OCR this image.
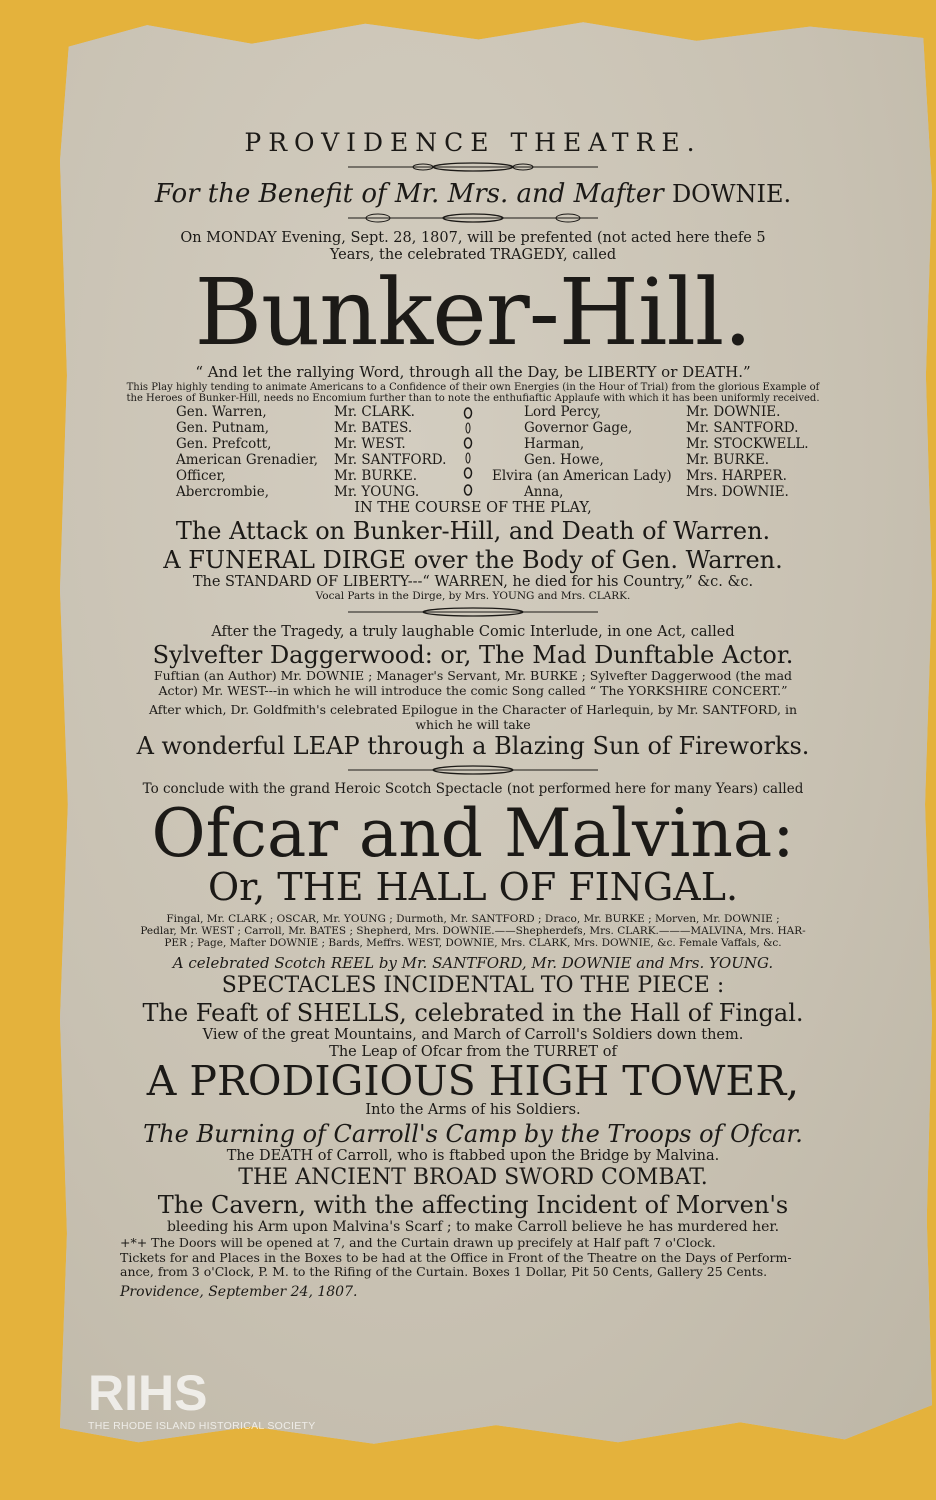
PROVIDENCE THEATRE.

For the Benefit of Mr. Mrs. and Mafter DOWNIE.

On MONDAY Evening, Sept. 28, 1807, will be prefented (not acted here thefe 5

Years, the celebrated TRAGEDY, called

Bunker-Hill.

“ And let the rallying Word, through all the Day, be LIBERTY or DEATH.”

This Play highly tending to animate Americans to a Confidence of their own Energies (in the Hour of Trial) from the glorious Example of

the Heroes of Bunker-Hill, needs no Encomium further than to note the enthufiaftic Applaufe with which it has been uniformly received.

Gen. Warren,
Gen. Putnam,
Gen. Prefcott,
American Grenadier,
Officer,
Abercrombie,
Mr. CLARK.
Mr. BATES.
Mr. WEST.
Mr. SANTFORD.
Mr. BURKE.
Mr. YOUNG.
Lord Percy,
Governor Gage,
Harman,
Gen. Howe,
Elvira (an American Lady)
Anna,
Mr. DOWNIE.
Mr. SANTFORD.
Mr. STOCKWELL.
Mr. BURKE.
Mrs. HARPER.
Mrs. DOWNIE.

IN THE COURSE OF THE PLAY,

The Attack on Bunker-Hill, and Death of Warren.

A FUNERAL DIRGE over the Body of Gen. Warren.

The STANDARD OF LIBERTY---“ WARREN, he died for his Country,” &c. &c.

Vocal Parts in the Dirge, by Mrs. YOUNG and Mrs. CLARK.

After the Tragedy, a truly laughable Comic Interlude, in one Act, called

Sylvefter Daggerwood: or, The Mad Dunftable Actor.

Fuftian (an Author) Mr. DOWNIE ; Manager's Servant, Mr. BURKE ; Sylvefter Daggerwood (the mad

Actor) Mr. WEST---in which he will introduce the comic Song called “ The YORKSHIRE CONCERT.”

After which, Dr. Goldfmith's celebrated Epilogue in the Character of Harlequin, by Mr. SANTFORD, in

which he will take

A wonderful LEAP through a Blazing Sun of Fireworks.

To conclude with the grand Heroic Scotch Spectacle (not performed here for many Years) called

Ofcar and Malvina:

Or, THE HALL OF FINGAL.

Fingal, Mr. CLARK ; OSCAR, Mr. YOUNG ; Durmoth, Mr. SANTFORD ; Draco, Mr. BURKE ; Morven, Mr. DOWNIE ;

Pedlar, Mr. WEST ; Carroll, Mr. BATES ; Shepherd, Mrs. DOWNIE.——Shepherdefs, Mrs. CLARK.———MALVINA, Mrs. HAR-

PER ; Page, Mafter DOWNIE ; Bards, Meffrs. WEST, DOWNIE, Mrs. CLARK, Mrs. DOWNIE, &c. Female Vaffals, &c.

A celebrated Scotch REEL by Mr. SANTFORD, Mr. DOWNIE and Mrs. YOUNG.

SPECTACLES INCIDENTAL TO THE PIECE :

The Feaft of SHELLS, celebrated in the Hall of Fingal.

View of the great Mountains, and March of Carroll's Soldiers down them.

The Leap of Ofcar from the TURRET of

A PRODIGIOUS HIGH TOWER,

Into the Arms of his Soldiers.

The Burning of Carroll's Camp by the Troops of Ofcar.

The DEATH of Carroll, who is ftabbed upon the Bridge by Malvina.

THE ANCIENT BROAD SWORD COMBAT.

The Cavern, with the affecting Incident of Morven's

bleeding his Arm upon Malvina's Scarf ; to make Carroll believe he has murdered her.

+*+ The Doors will be opened at 7, and the Curtain drawn up precifely at Half paft 7 o'Clock.

Tickets for and Places in the Boxes to be had at the Office in Front of the Theatre on the Days of Perform-

ance, from 3 o'Clock, P. M. to the Rifing of the Curtain. Boxes 1 Dollar, Pit 50 Cents, Gallery 25 Cents.

Providence, September 24, 1807.

RIHS
THE RHODE ISLAND HISTORICAL SOCIETY
